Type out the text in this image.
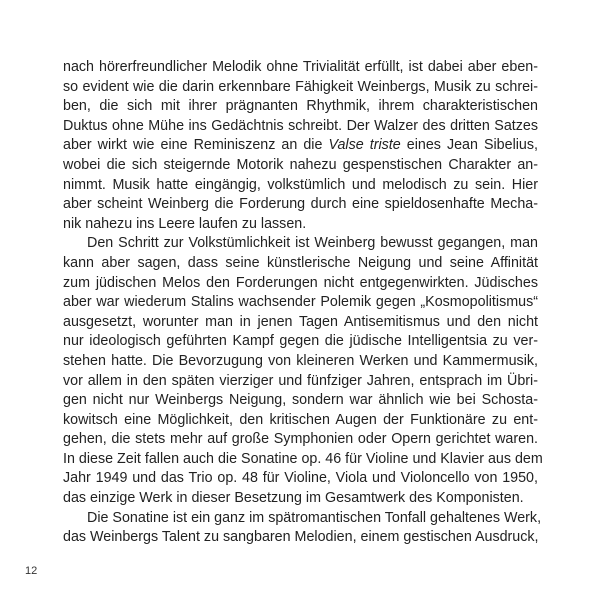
nach hörerfreundlicher Melodik ohne Trivialität erfüllt, ist dabei aber eben-
so evident wie die darin erkennbare Fähigkeit Weinbergs, Musik zu schrei-
ben, die sich mit ihrer prägnanten Rhythmik, ihrem charakteristischen
Duktus ohne Mühe ins Gedächtnis schreibt. Der Walzer des dritten Satzes
aber wirkt wie eine Reminiszenz an die Valse triste eines Jean Sibelius,
wobei die sich steigernde Motorik nahezu gespenstischen Charakter an-
nimmt. Musik hatte eingängig, volkstümlich und melodisch zu sein. Hier
aber scheint Weinberg die Forderung durch eine spieldosenhafte Mecha-
nik nahezu ins Leere laufen zu lassen.
Den Schritt zur Volkstümlichkeit ist Weinberg bewusst gegangen, man
kann aber sagen, dass seine künstlerische Neigung und seine Affinität
zum jüdischen Melos den Forderungen nicht entgegenwirkten. Jüdisches
aber war wiederum Stalins wachsender Polemik gegen „Kosmopolitismus“
ausgesetzt, worunter man in jenen Tagen Antisemitismus und den nicht
nur ideologisch geführten Kampf gegen die jüdische Intelligentsia zu ver-
stehen hatte. Die Bevorzugung von kleineren Werken und Kammermusik,
vor allem in den späten vierziger und fünfziger Jahren, entsprach im Übri-
gen nicht nur Weinbergs Neigung, sondern war ähnlich wie bei Schosta-
kowitsch eine Möglichkeit, den kritischen Augen der Funktionäre zu ent-
gehen, die stets mehr auf große Symphonien oder Opern gerichtet waren.
In diese Zeit fallen auch die Sonatine op. 46 für Violine und Klavier aus dem
Jahr 1949 und das Trio op. 48 für Violine, Viola und Violoncello von 1950,
das einzige Werk in dieser Besetzung im Gesamtwerk des Komponisten.
Die Sonatine ist ein ganz im spätromantischen Tonfall gehaltenes Werk,
das Weinbergs Talent zu sangbaren Melodien, einem gestischen Ausdruck,
12
